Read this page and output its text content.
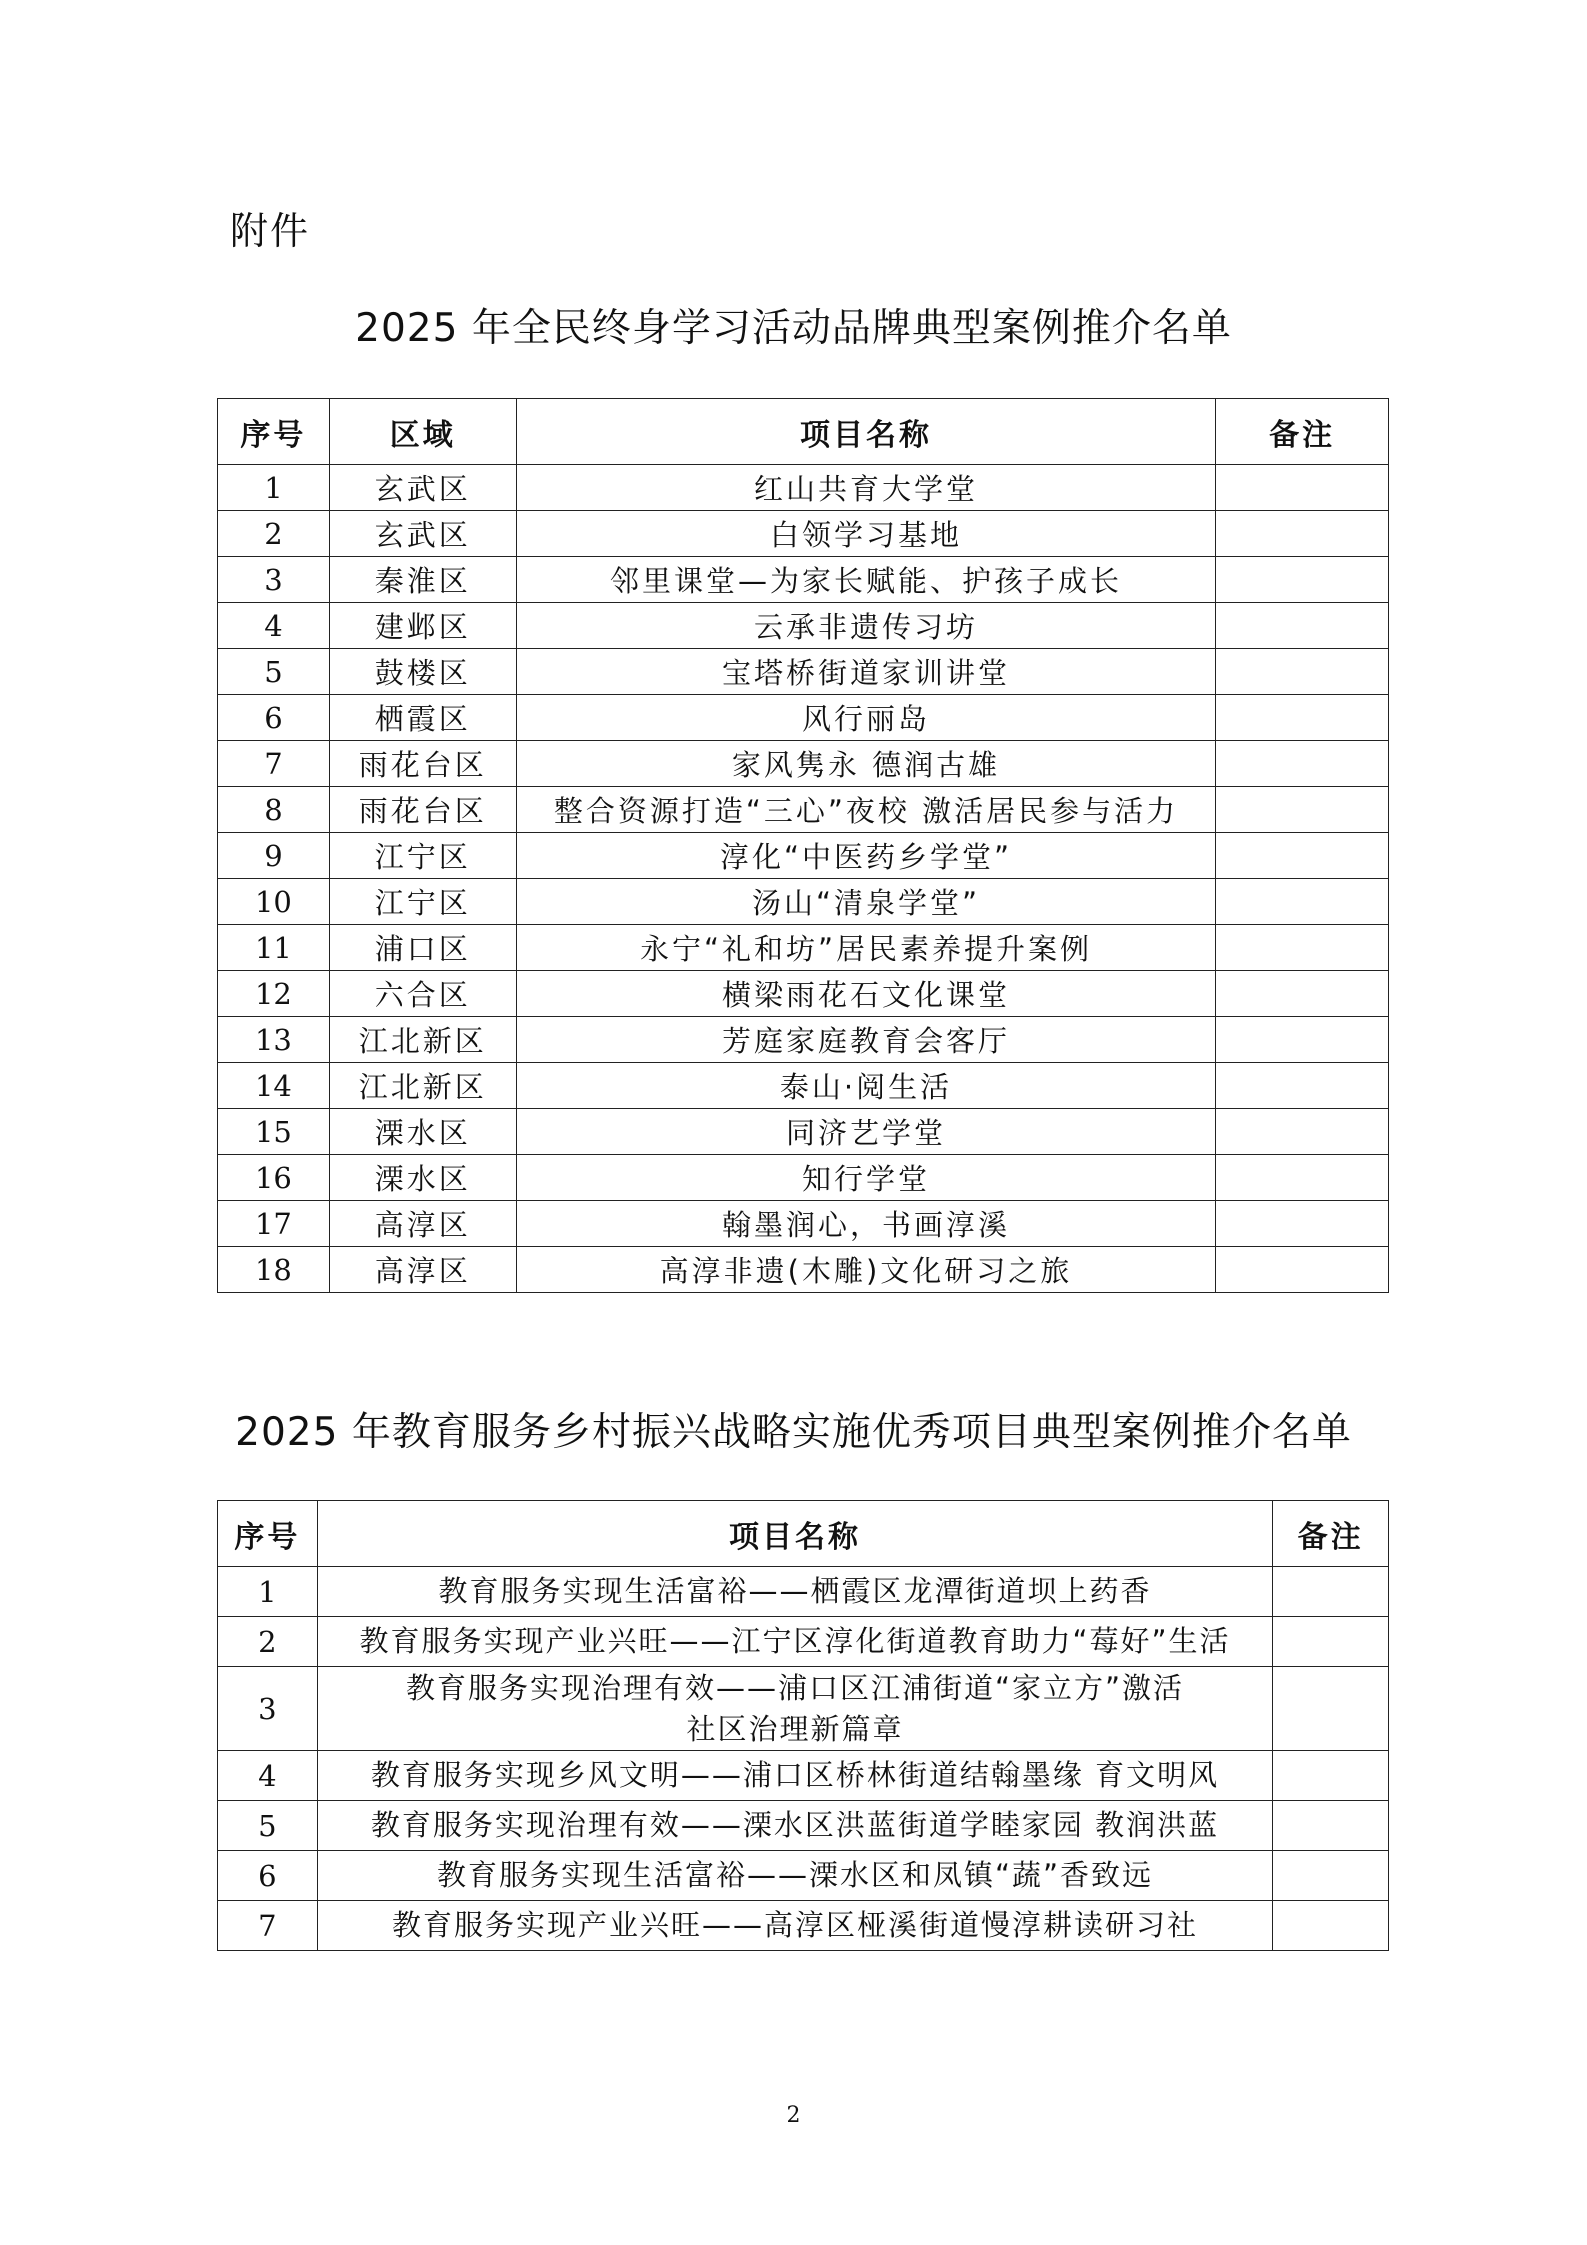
附件
2025 年全民终身学习活动品牌典型案例推介名单
序号	区域	项目名称	备注
1	玄武区	红山共育大学堂	
2	玄武区	白领学习基地	
3	秦淮区	邻里课堂—为家长赋能、护孩子成长	
4	建邺区	云承非遗传习坊	
5	鼓楼区	宝塔桥街道家训讲堂	
6	栖霞区	风行丽岛	
7	雨花台区	家风隽永 德润古雄	
8	雨花台区	整合资源打造“三心”夜校 激活居民参与活力	
9	江宁区	淳化“中医药乡学堂”	
10	江宁区	汤山“清泉学堂”	
11	浦口区	永宁“礼和坊”居民素养提升案例	
12	六合区	横梁雨花石文化课堂	
13	江北新区	芳庭家庭教育会客厅	
14	江北新区	泰山·阅生活	
15	溧水区	同济艺学堂	
16	溧水区	知行学堂	
17	高淳区	翰墨润心，书画淳溪	
18	高淳区	高淳非遗(木雕)文化研习之旅	
2025 年教育服务乡村振兴战略实施优秀项目典型案例推介名单
序号	项目名称	备注
1	教育服务实现生活富裕——栖霞区龙潭街道坝上药香	
2	教育服务实现产业兴旺——江宁区淳化街道教育助力“莓好”生活	
3	教育服务实现治理有效——浦口区江浦街道“家立方”激活
社区治理新篇章	

4	教育服务实现乡风文明——浦口区桥林街道结翰墨缘 育文明风	
5	教育服务实现治理有效——溧水区洪蓝街道学睦家园 教润洪蓝	
6	教育服务实现生活富裕——溧水区和凤镇“蔬”香致远	
7	教育服务实现产业兴旺——高淳区桠溪街道慢淳耕读研习社	
2
